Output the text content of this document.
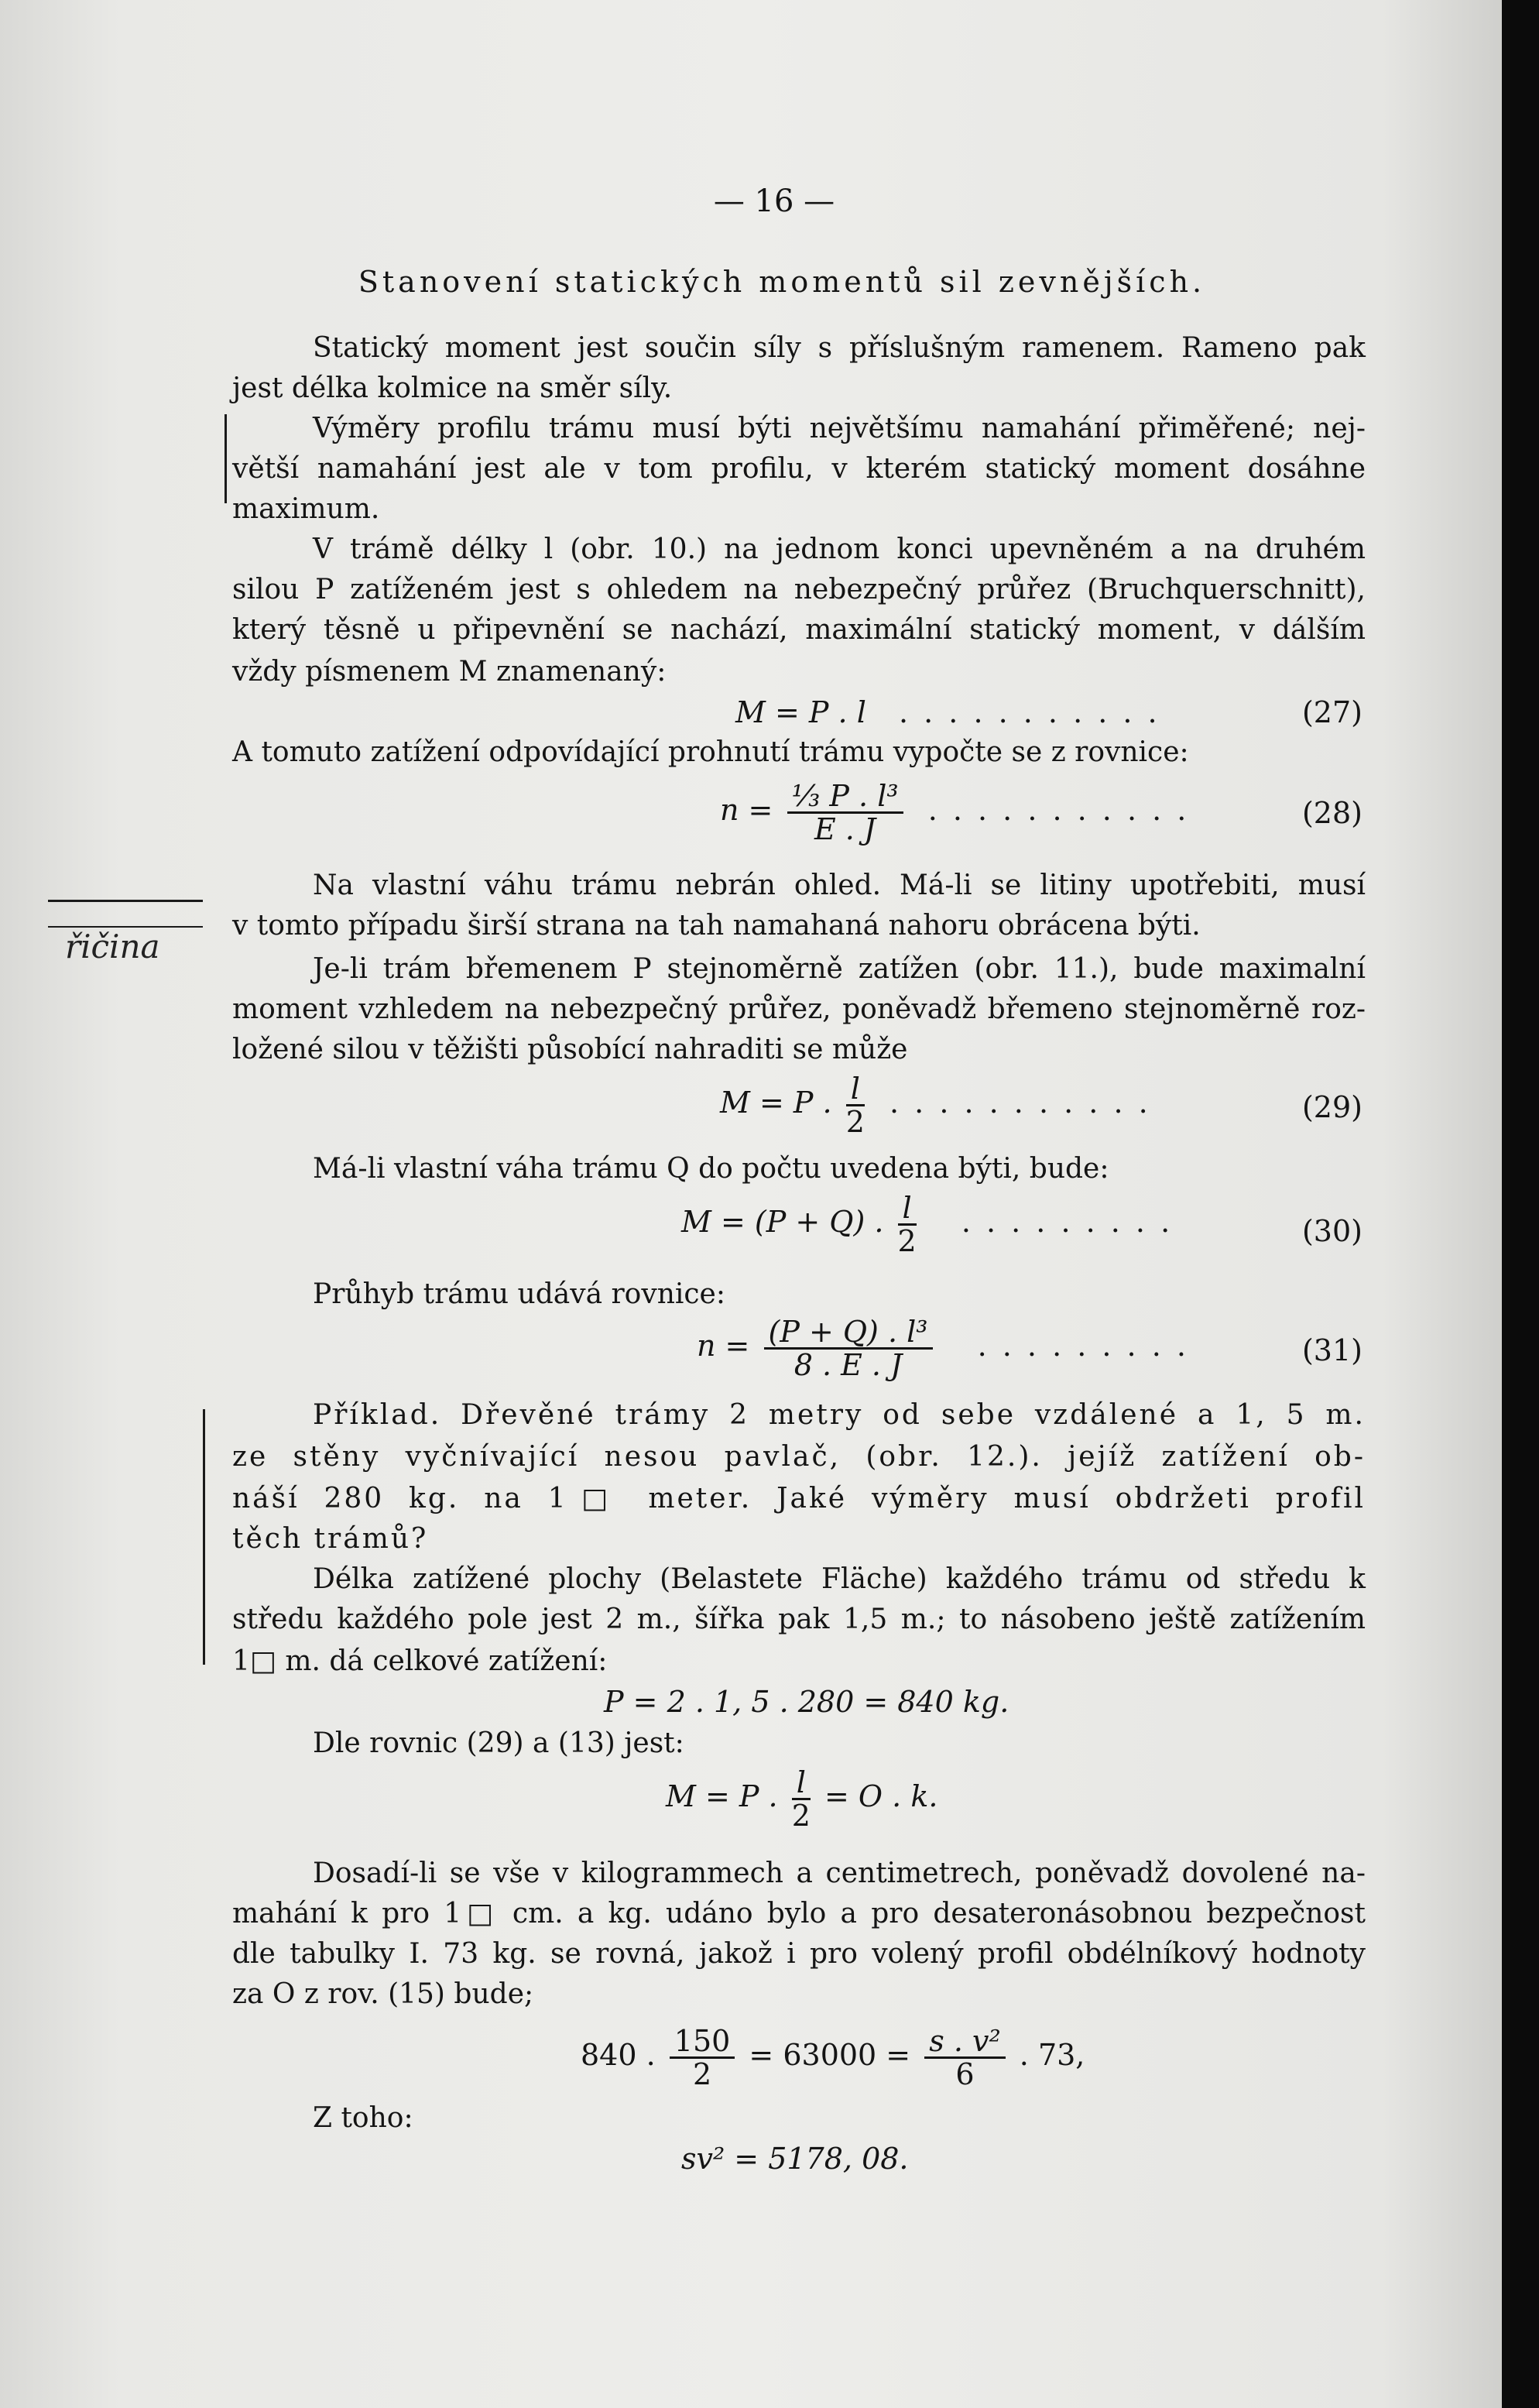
— 16 —
Stanovení statických momentů sil zevnějších.
Statický moment jest součin síly s příslušným ramenem. Rameno pak
jest délka kolmice na směr síly.
Výměry profilu trámu musí býti největšímu namahání přiměřené; nej-
větší namahání jest ale v tom profilu, v kterém statický moment dosáhne
maximum.
V trámě délky l (obr. 10.) na jednom konci upevněném a na druhém
silou P zatíženém jest s ohledem na nebezpečný průřez (Bruchquerschnitt),
který těsně u připevnění se nachází, maximální statický moment, v dálším
vždy písmenem M znamenaný:
M = P . l . . . . . . . . . . .	(27)
A tomuto zatížení odpovídající prohnutí trámu vypočte se z rovnice:
$n = \frac{\text{⅓ P . l³}}{E . J}$ . . . . . . . . . . .	(28)
Na vlastní váhu trámu nebrán ohled. Má-li se litiny upotřebiti, musí
v tomto případu širší strana na tah namahaná nahoru obrácena býti.
Je-li trám břemenem P stejnoměrně zatížen (obr. 11.), bude maximalní
moment vzhledem na nebezpečný průřez, poněvadž břemeno stejnoměrně roz-
ložené silou v těžišti působící nahraditi se může
M = P . $\frac{l}{2}$ . . . . . . . . . . .	(29)
Má-li vlastní váha trámu Q do počtu uvedena býti, bude:
M = (P + Q) . $\frac{l}{2}$ . . . . . . . . .	(30)
Průhyb trámu udává rovnice:
$n = \frac{\text{(P + Q) . l³}}{8 . E . J}$ . . . . . . . . .	(31)
Příklad. Dřevěné trámy 2 metry od sebe vzdálené a 1, 5 m.
ze stěny vyčnívající nesou pavlač, (obr. 12.). jejíž zatížení ob-
náší 280 kg. na 1□ meter. Jaké výměry musí obdržeti profil
těch trámů?
Délka zatížené plochy (Belastete Fläche) každého trámu od středu k
středu každého pole jest 2 m., šířka pak 1,5 m.; to násobeno ještě zatížením
1□ m. dá celkové zatížení:
P = 2 . 1, 5 . 280 = 840 kg.
Dle rovnic (29) a (13) jest:
M = P . $\frac{l}{2} = O$ . k.
Dosadí-li se vše v kilogrammech a centimetrech, poněvadž dovolené na-
mahání k pro 1□ cm. a kg. udáno bylo a pro desateronásobnou bezpečnost
dle tabulky I. 73 kg. se rovná, jakož i pro volený profil obdélníkový hodnoty
za O z rov. (15) bude;
840 . $\frac{150}{2} = 63000 = \frac{\text{s . v²}}{6}$ . 73,
Z toho:
sv² = 5178, 08.
řičina
